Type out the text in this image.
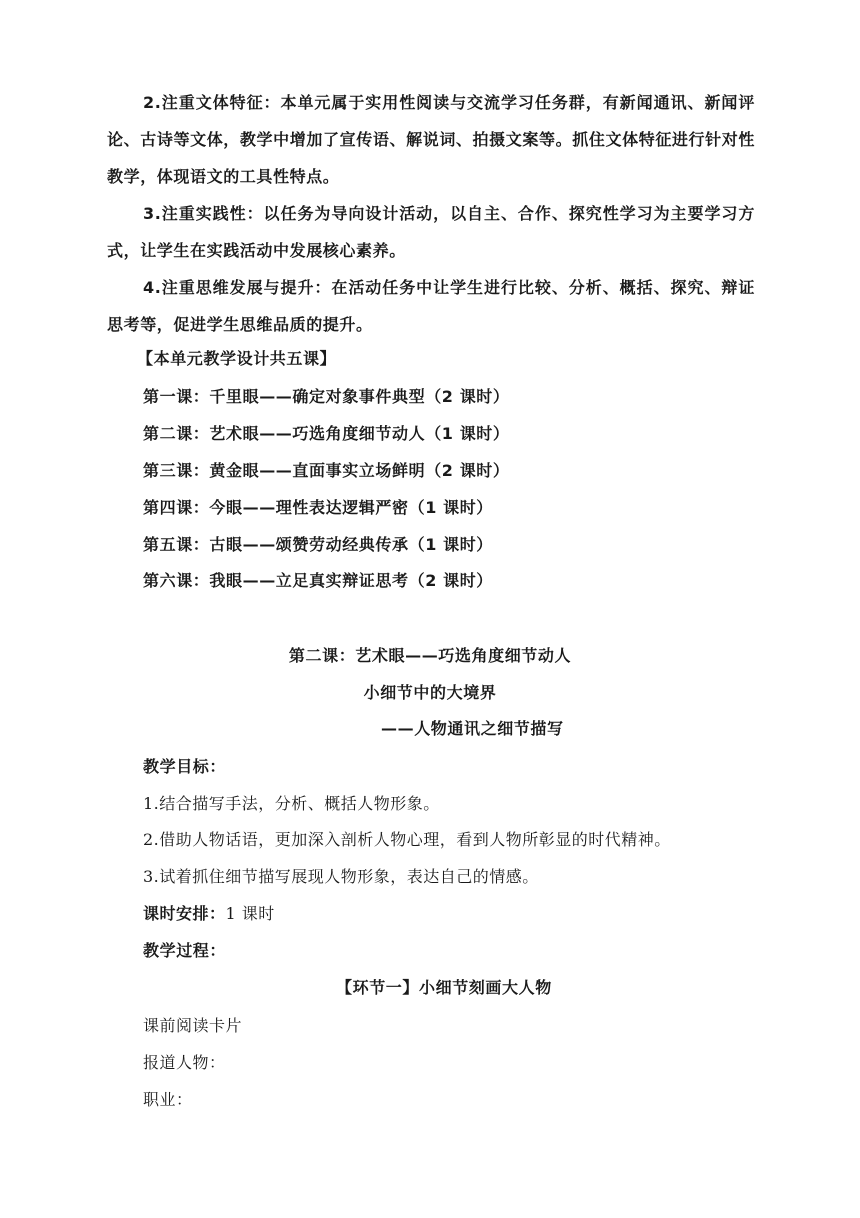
2.注重文体特征：本单元属于实用性阅读与交流学习任务群，有新闻通讯、新闻评论、古诗等文体，教学中增加了宣传语、解说词、拍摄文案等。抓住文体特征进行针对性教学，体现语文的工具性特点。

3.注重实践性：以任务为导向设计活动，以自主、合作、探究性学习为主要学习方式，让学生在实践活动中发展核心素养。

4.注重思维发展与提升：在活动任务中让学生进行比较、分析、概括、探究、辩证思考等，促进学生思维品质的提升。

【本单元教学设计共五课】

第一课：千里眼——确定对象事件典型（2 课时）

第二课：艺术眼——巧选角度细节动人（1 课时）

第三课：黄金眼——直面事实立场鲜明（2 课时）

第四课：今眼——理性表达逻辑严密（1 课时）

第五课：古眼——颂赞劳动经典传承（1 课时）

第六课：我眼——立足真实辩证思考（2 课时）

第二课：艺术眼——巧选角度细节动人

小细节中的大境界

——人物通讯之细节描写

教学目标：

1.结合描写手法，分析、概括人物形象。

2.借助人物话语，更加深入剖析人物心理，看到人物所彰显的时代精神。

3.试着抓住细节描写展现人物形象，表达自己的情感。

课时安排：1 课时

教学过程：

【环节一】小细节刻画大人物

课前阅读卡片

报道人物：

职业：
